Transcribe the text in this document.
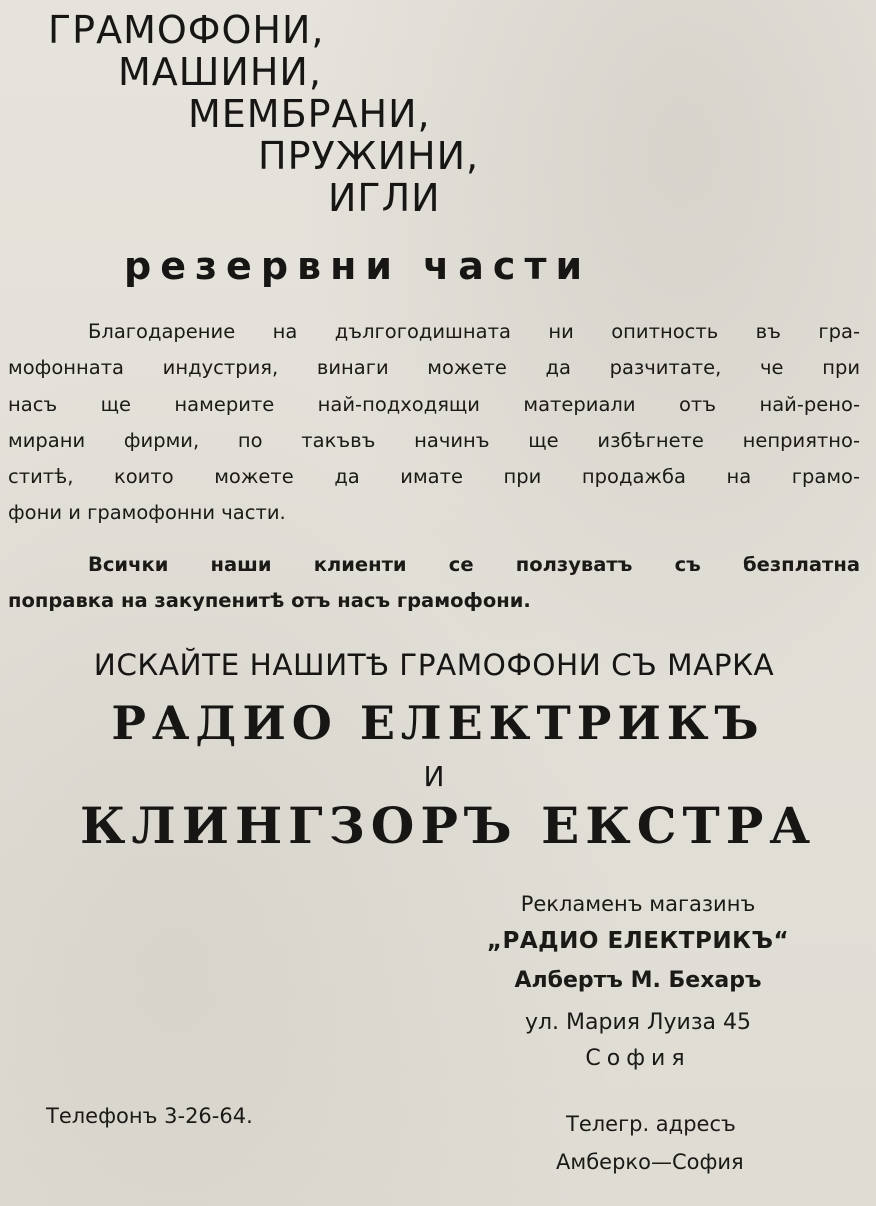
ГРАМОФОНИ,
МАШИНИ,
МЕМБРАНИ,
ПРУЖИНИ,
ИГЛИ
резервни части
Благодарение на дългогодишната ни опитность въ гра-
мофонната индустрия, винаги можете да разчитате, че при
насъ ще намерите най-подходящи материали отъ най-рено-
мирани фирми, по такъвъ начинъ ще избѣгнете неприятно-
ститѣ, които можете да имате при продажба на грамо-
фони и грамофонни части.
Всички наши клиенти се ползуватъ съ безплатна
поправка на закупенитѣ отъ насъ грамофони.
ИСКАЙТЕ НАШИТѢ ГРАМОФОНИ СЪ МАРКА
РАДИО ЕЛЕКТРИКЪ
И
КЛИНГЗОРЪ ЕКСТРА
Рекламенъ магазинъ
„РАДИО ЕЛЕКТРИКЪ“
Албертъ М. Бехаръ
ул. Мария Луиза 45
София
Телефонъ 3-26-64.	Телегр. адресъ
Амберко—София
